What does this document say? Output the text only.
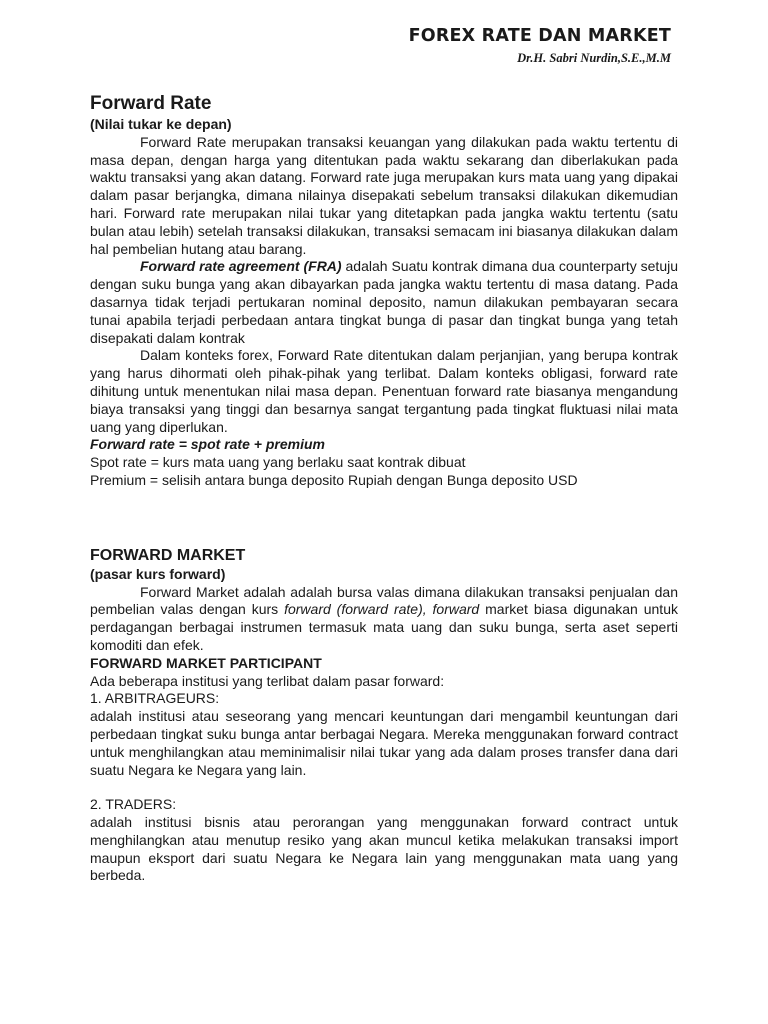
FOREX RATE DAN MARKET
Dr.H. Sabri Nurdin,S.E.,M.M
Forward Rate

(Nilai tukar ke depan)

Forward Rate merupakan transaksi keuangan yang dilakukan pada waktu tertentu di masa depan, dengan harga yang ditentukan pada waktu sekarang dan diberlakukan pada waktu transaksi yang akan datang. Forward rate juga merupakan kurs mata uang yang dipakai dalam pasar berjangka, dimana nilainya disepakati sebelum transaksi dilakukan dikemudian hari. Forward rate merupakan nilai tukar yang ditetapkan pada jangka waktu tertentu (satu bulan atau lebih) setelah transaksi dilakukan, transaksi semacam ini biasanya dilakukan dalam hal pembelian hutang atau barang.

Forward rate agreement (FRA) adalah Suatu kontrak dimana dua counterparty setuju dengan suku bunga yang akan dibayarkan pada jangka waktu tertentu di masa datang. Pada dasarnya tidak terjadi pertukaran nominal deposito, namun dilakukan pembayaran secara tunai apabila terjadi perbedaan antara tingkat bunga di pasar dan tingkat bunga yang tetah disepakati dalam kontrak

Dalam konteks forex, Forward Rate ditentukan dalam perjanjian, yang berupa kontrak yang harus dihormati oleh pihak-pihak yang terlibat. Dalam konteks obligasi, forward rate dihitung untuk menentukan nilai masa depan. Penentuan forward rate biasanya mengandung biaya transaksi yang tinggi dan besarnya sangat tergantung pada tingkat fluktuasi nilai mata uang yang diperlukan.

Forward rate = spot rate + premium

Spot rate = kurs mata uang yang berlaku saat kontrak dibuat

Premium = selisih antara bunga deposito Rupiah dengan Bunga deposito USD

FORWARD MARKET

(pasar kurs forward)

Forward Market adalah adalah bursa valas dimana dilakukan transaksi penjualan dan pembelian valas dengan kurs forward (forward rate), forward market biasa digunakan untuk perdagangan berbagai instrumen termasuk mata uang dan suku bunga, serta aset seperti komoditi dan efek.

FORWARD MARKET PARTICIPANT

Ada beberapa institusi yang terlibat dalam pasar forward:

1. ARBITRAGEURS:

adalah institusi atau seseorang yang mencari keuntungan dari mengambil keuntungan dari perbedaan tingkat suku bunga antar berbagai Negara. Mereka menggunakan forward contract untuk menghilangkan atau meminimalisir nilai tukar yang ada dalam proses transfer dana dari suatu Negara ke Negara yang lain.

2. TRADERS:

adalah institusi bisnis atau perorangan yang menggunakan forward contract untuk menghilangkan atau menutup resiko yang akan muncul ketika melakukan transaksi import maupun eksport dari suatu Negara ke Negara lain yang menggunakan mata uang yang berbeda.
